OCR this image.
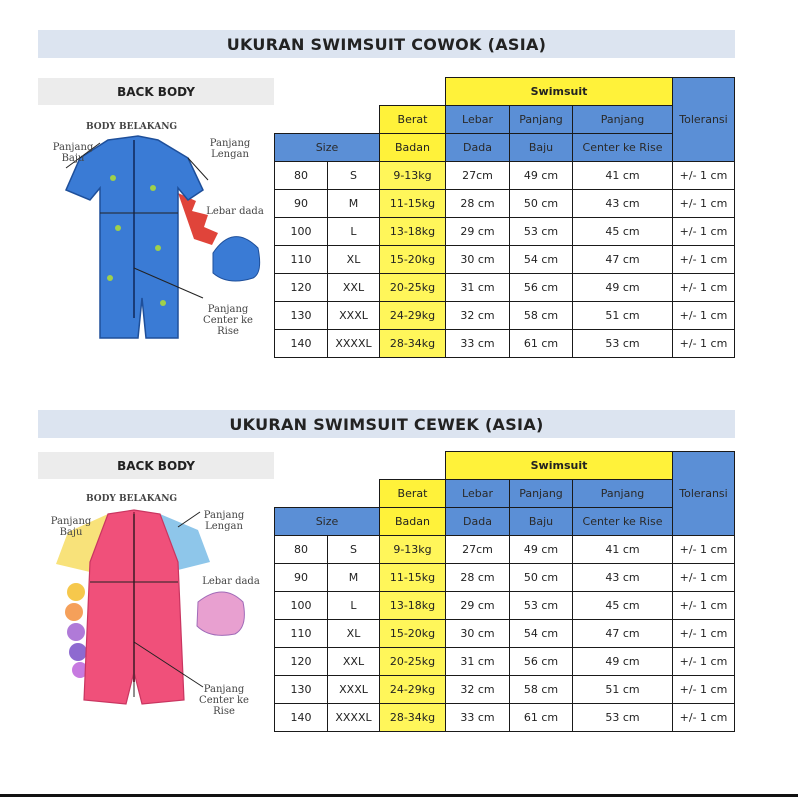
UKURAN SWIMSUIT COWOK (ASIA)
BACK BODY
BODY BELAKANG
Panjang
Baju
Panjang
Lengan
Lebar dada
Panjang
Center ke
Rise
			Swimsuit			Toleransi
		Berat	Lebar	Panjang	Panjang	
Size		Badan	Dada	Baju	Center ke Rise	
80	S	9-13kg	27cm	49 cm	41 cm	+/- 1 cm
90	M	11-15kg	28 cm	50 cm	43 cm	+/- 1 cm
100	L	13-18kg	29 cm	53 cm	45 cm	+/- 1 cm
110	XL	15-20kg	30 cm	54 cm	47 cm	+/- 1 cm
120	XXL	20-25kg	31 cm	56 cm	49 cm	+/- 1 cm
130	XXXL	24-29kg	32 cm	58 cm	51 cm	+/- 1 cm
140	XXXXL	28-34kg	33 cm	61 cm	53 cm	+/- 1 cm
UKURAN SWIMSUIT CEWEK (ASIA)
BACK BODY
BODY BELAKANG
Panjang
Baju
Panjang
Lengan
Lebar dada
Panjang
Center ke
Rise
			Swimsuit			Toleransi
		Berat	Lebar	Panjang	Panjang	
Size		Badan	Dada	Baju	Center ke Rise	
80	S	9-13kg	27cm	49 cm	41 cm	+/- 1 cm
90	M	11-15kg	28 cm	50 cm	43 cm	+/- 1 cm
100	L	13-18kg	29 cm	53 cm	45 cm	+/- 1 cm
110	XL	15-20kg	30 cm	54 cm	47 cm	+/- 1 cm
120	XXL	20-25kg	31 cm	56 cm	49 cm	+/- 1 cm
130	XXXL	24-29kg	32 cm	58 cm	51 cm	+/- 1 cm
140	XXXXL	28-34kg	33 cm	61 cm	53 cm	+/- 1 cm
